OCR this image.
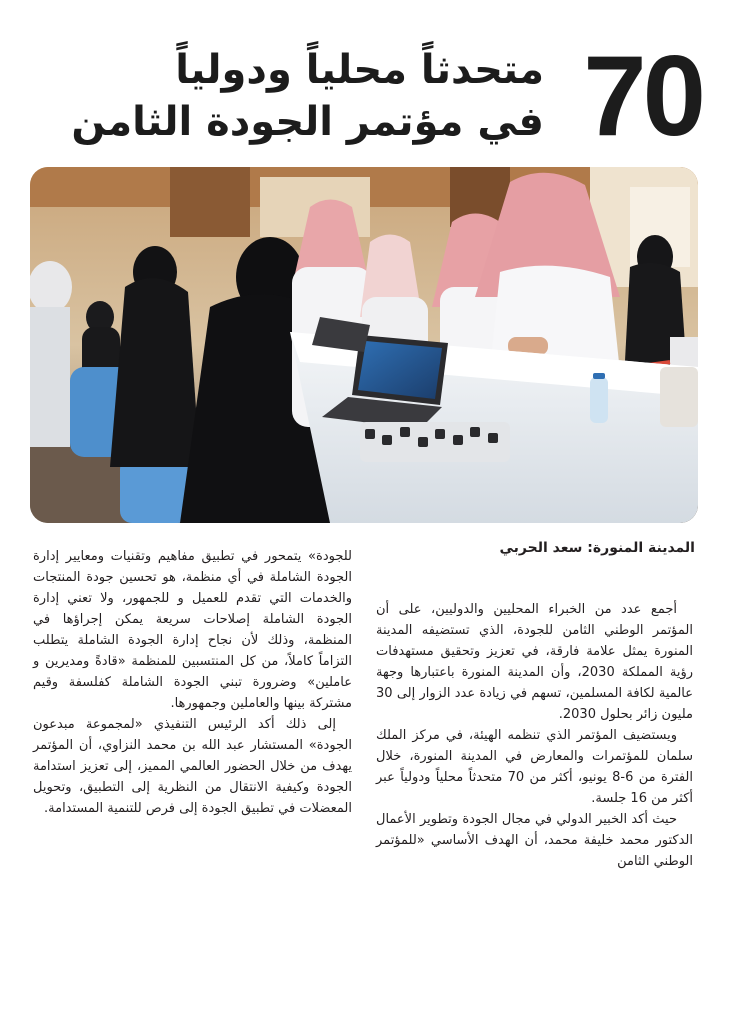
70
متحدثاً محلياً ودولياً
في مؤتمر الجودة الثامن
المدينة المنورة: سعد الحربي

أجمع عدد من الخبراء المحليين والدوليين، على أن المؤتمر الوطني الثامن للجودة، الذي تستضيفه المدينة المنورة يمثل علامة فارقة، في تعزيز وتحقيق مستهدفات رؤية المملكة 2030، وأن المدينة المنورة باعتبارها وجهة عالمية لكافة المسلمين، تسهم في زيادة عدد الزوار إلى 30 مليون زائر بحلول 2030.

ويستضيف المؤتمر الذي تنظمه الهيئة، في مركز الملك سلمان للمؤتمرات والمعارض في المدينة المنورة، خلال الفترة من 6-8 يونيو، أكثر من 70 متحدثاً محلياً ودولياً عبر أكثر من 16 جلسة.

حيث أكد الخبير الدولي في مجال الجودة وتطوير الأعمال الدكتور محمد خليفة محمد، أن الهدف الأساسي «للمؤتمر الوطني الثامن

للجودة» يتمحور في تطبيق مفاهيم وتقنيات ومعايير إدارة الجودة الشاملة في أي منظمة، هو تحسين جودة المنتجات والخدمات التي تقدم للعميل و للجمهور، ولا تعني إدارة الجودة الشاملة إصلاحات سريعة يمكن إجراؤها في المنظمة، وذلك لأن نجاح إدارة الجودة الشاملة يتطلب التزاماً كاملاً، من كل المنتسبين للمنظمة «قادةً ومديرين و عاملين» وضرورة تبني الجودة الشاملة كفلسفة وقيم مشتركة بينها والعاملين وجمهورها.

إلى ذلك أكد الرئيس التنفيذي «لمجموعة مبدعون الجودة» المستشار عبد الله بن محمد النزاوي، أن المؤتمر يهدف من خلال الحضور العالمي المميز، إلى تعزيز استدامة الجودة وكيفية الانتقال من النظرية إلى التطبيق، وتحويل المعضلات في تطبيق الجودة إلى فرص للتنمية المستدامة.
